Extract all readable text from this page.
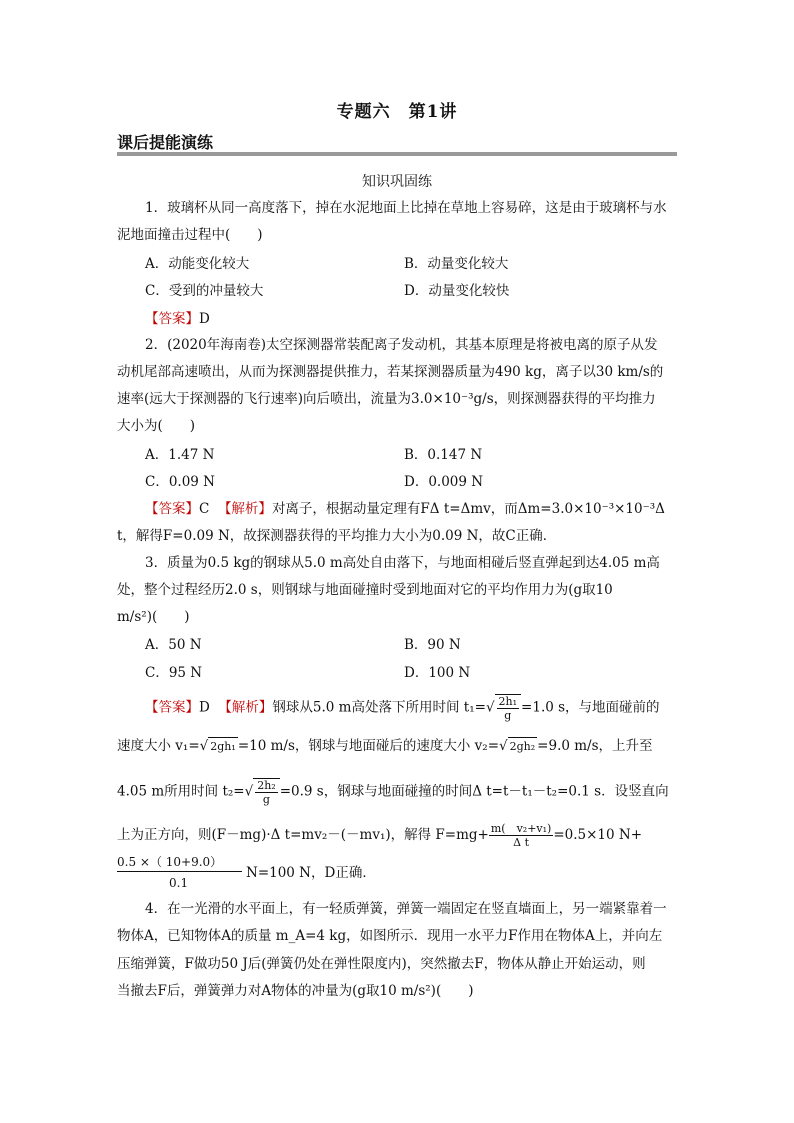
专题六　第1讲
课后提能演练
知识巩固练
1．玻璃杯从同一高度落下，掉在水泥地面上比掉在草地上容易碎，这是由于玻璃杯与水
泥地面撞击过程中(　　)
A．动能变化较大	B．动量变化较大
C．受到的冲量较大	D．动量变化较快
【答案】D
2．(2020年海南卷)太空探测器常装配离子发动机，其基本原理是将被电离的原子从发
动机尾部高速喷出，从而为探测器提供推力，若某探测器质量为490 kg，离子以30 km/s的
速率(远大于探测器的飞行速率)向后喷出，流量为3.0×10⁻³g/s，则探测器获得的平均推力
大小为(　　)
A．1.47 N	B．0.147 N
C．0.09 N	D．0.009 N
【答案】C 【解析】对离子，根据动量定理有FΔ t=Δmv，而Δm=3.0×10⁻³×10⁻³Δ
t，解得F=0.09 N，故探测器获得的平均推力大小为0.09 N，故C正确．
3．质量为0.5 kg的钢球从5.0 m高处自由落下，与地面相碰后竖直弹起到达4.05 m高
处，整个过程经历2.0 s，则钢球与地面碰撞时受到地面对它的平均作用力为(g取10
m/s²)(　　)
A．50 N	B．90 N
C．95 N	D．100 N
【答案】D 【解析】钢球从5.0 m高处落下所用时间 $t_1=√ \frac{\text{2h₁}}{g} =1.0$ s，与地面碰前的
速度大小 v₁=√ 2gh₁ =10 m/s，钢球与地面碰后的速度大小 v₂=√ 2gh₂ =9.0 m/s，上升至
4.05 m所用时间 $t_2=√ \frac{\text{2h₂}}{g} =0.9$ s，钢球与地面碰撞的时间Δ t=t－t₁－t₂=0.1 s．设竖直向
上为正方向，则(F－mg)·Δ t=mv₂－(－mv₁)，解得 $F=mg+ \frac{\text{m(　v₂+v₁)}}{\text{Δ t}} =0.5\times 10$ N+
0.5 ×（ 10+9.0）
0.1
N=100 N，D正确．
4．在一光滑的水平面上，有一轻质弹簧，弹簧一端固定在竖直墙面上，另一端紧靠着一
物体A，已知物体A的质量 m_A=4 kg，如图所示．现用一水平力F作用在物体A上，并向左
压缩弹簧，F做功50 J后(弹簧仍处在弹性限度内)，突然撤去F，物体从静止开始运动，则
当撤去F后，弹簧弹力对A物体的冲量为(g取10 m/s²)(　　)
